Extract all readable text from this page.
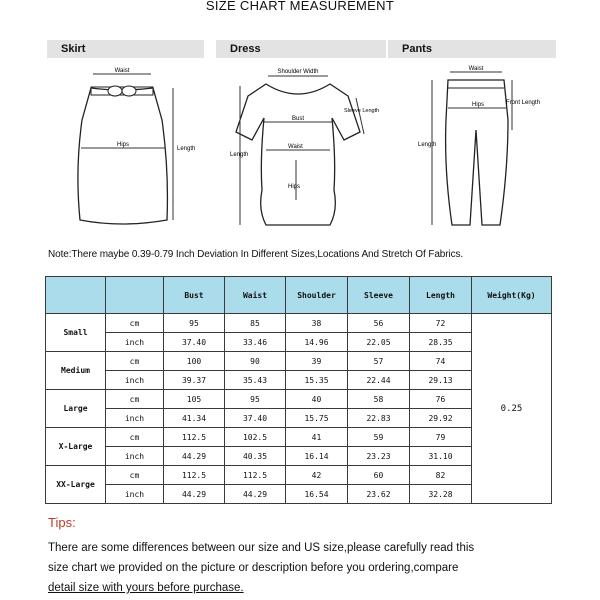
SIZE CHART MEASUREMENT
Skirt
Waist
Hips
Length
Dress
Shoulder Width
Bust
Waist
Hips
Sleeve Length
Length
Pants
Waist
Hips	Front Length
Length
Note:There maybe 0.39-0.79 Inch Deviation In Different Sizes,Locations And Stretch Of Fabrics.
		Bust	Waist	Shoulder	Sleeve	Length	Weight(Kg)
Small	cm	95	85	38	56	72	0.25
	inch	37.40	33.46	14.96	22.05	28.35	
Medium	cm	100	90	39	57	74	
	inch	39.37	35.43	15.35	22.44	29.13	
Large	cm	105	95	40	58	76	
	inch	41.34	37.40	15.75	22.83	29.92	
X-Large	cm	112.5	102.5	41	59	79	
	inch	44.29	40.35	16.14	23.23	31.10	
XX-Large	cm	112.5	112.5	42	60	82	
	inch	44.29	44.29	16.54	23.62	32.28	
Tips:
There are some differences between our size and US size,please carefully read this
size chart we provided on the picture or description before you ordering,compare
detail size with yours before purchase.
